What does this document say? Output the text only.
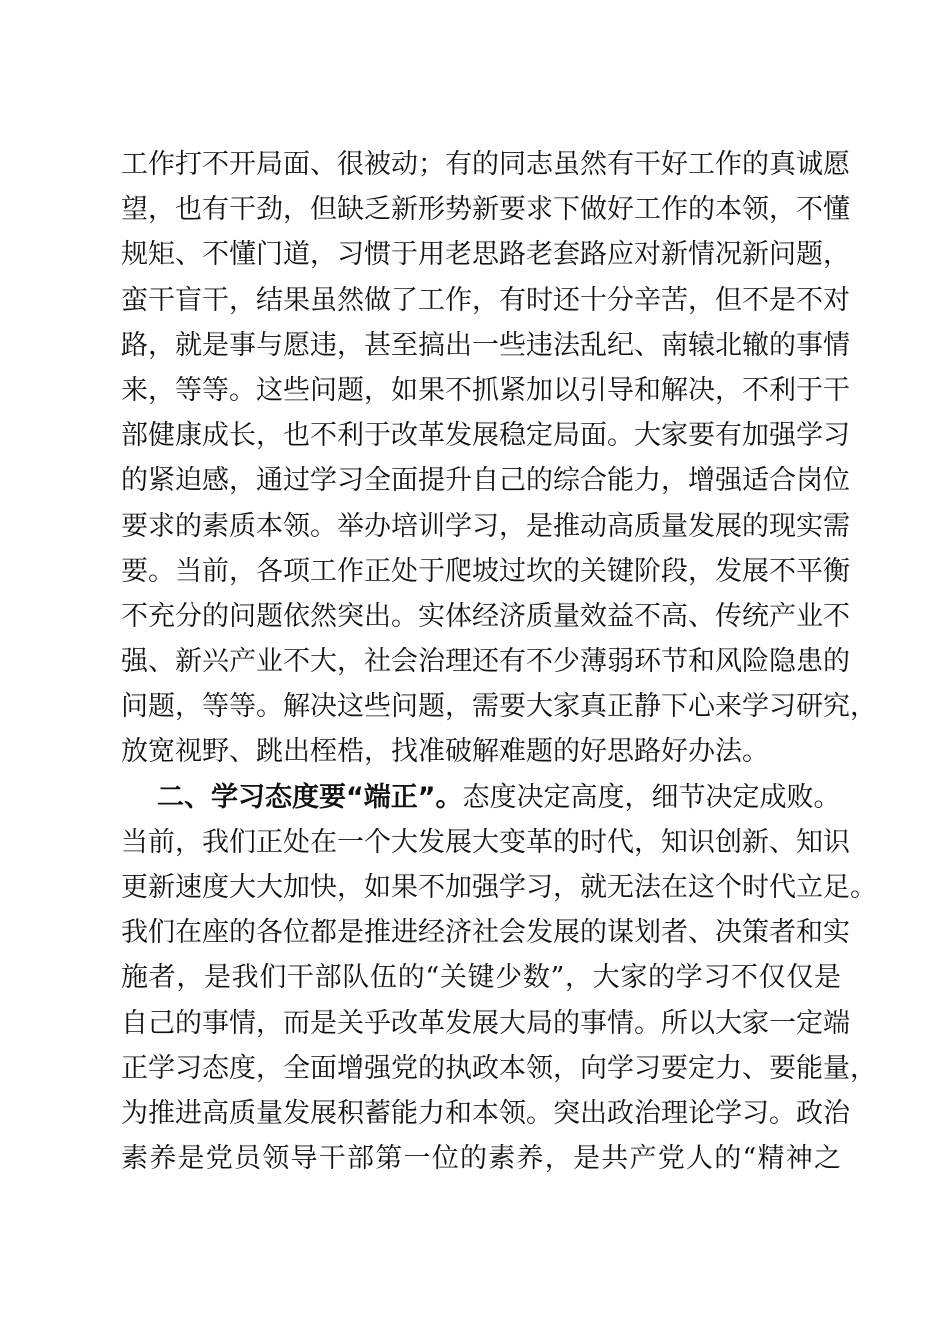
工作打不开局面、很被动；有的同志虽然有干好工作的真诚愿
望，也有干劲，但缺乏新形势新要求下做好工作的本领，不懂
规矩、不懂门道，习惯于用老思路老套路应对新情况新问题，
蛮干盲干，结果虽然做了工作，有时还十分辛苦，但不是不对
路，就是事与愿违，甚至搞出一些违法乱纪、南辕北辙的事情
来，等等。这些问题，如果不抓紧加以引导和解决，不利于干
部健康成长，也不利于改革发展稳定局面。大家要有加强学习
的紧迫感，通过学习全面提升自己的综合能力，增强适合岗位
要求的素质本领。举办培训学习，是推动高质量发展的现实需
要。当前，各项工作正处于爬坡过坎的关键阶段，发展不平衡
不充分的问题依然突出。实体经济质量效益不高、传统产业不
强、新兴产业不大，社会治理还有不少薄弱环节和风险隐患的
问题，等等。解决这些问题，需要大家真正静下心来学习研究，
放宽视野、跳出桎梏，找准破解难题的好思路好办法。
二、学习态度要“端正”。态度决定高度，细节决定成败。
当前，我们正处在一个大发展大变革的时代，知识创新、知识
更新速度大大加快，如果不加强学习，就无法在这个时代立足。
我们在座的各位都是推进经济社会发展的谋划者、决策者和实
施者，是我们干部队伍的“关键少数”，大家的学习不仅仅是
自己的事情，而是关乎改革发展大局的事情。所以大家一定端
正学习态度，全面增强党的执政本领，向学习要定力、要能量，
为推进高质量发展积蓄能力和本领。突出政治理论学习。政治
素养是党员领导干部第一位的素养，是共产党人的“精神之
